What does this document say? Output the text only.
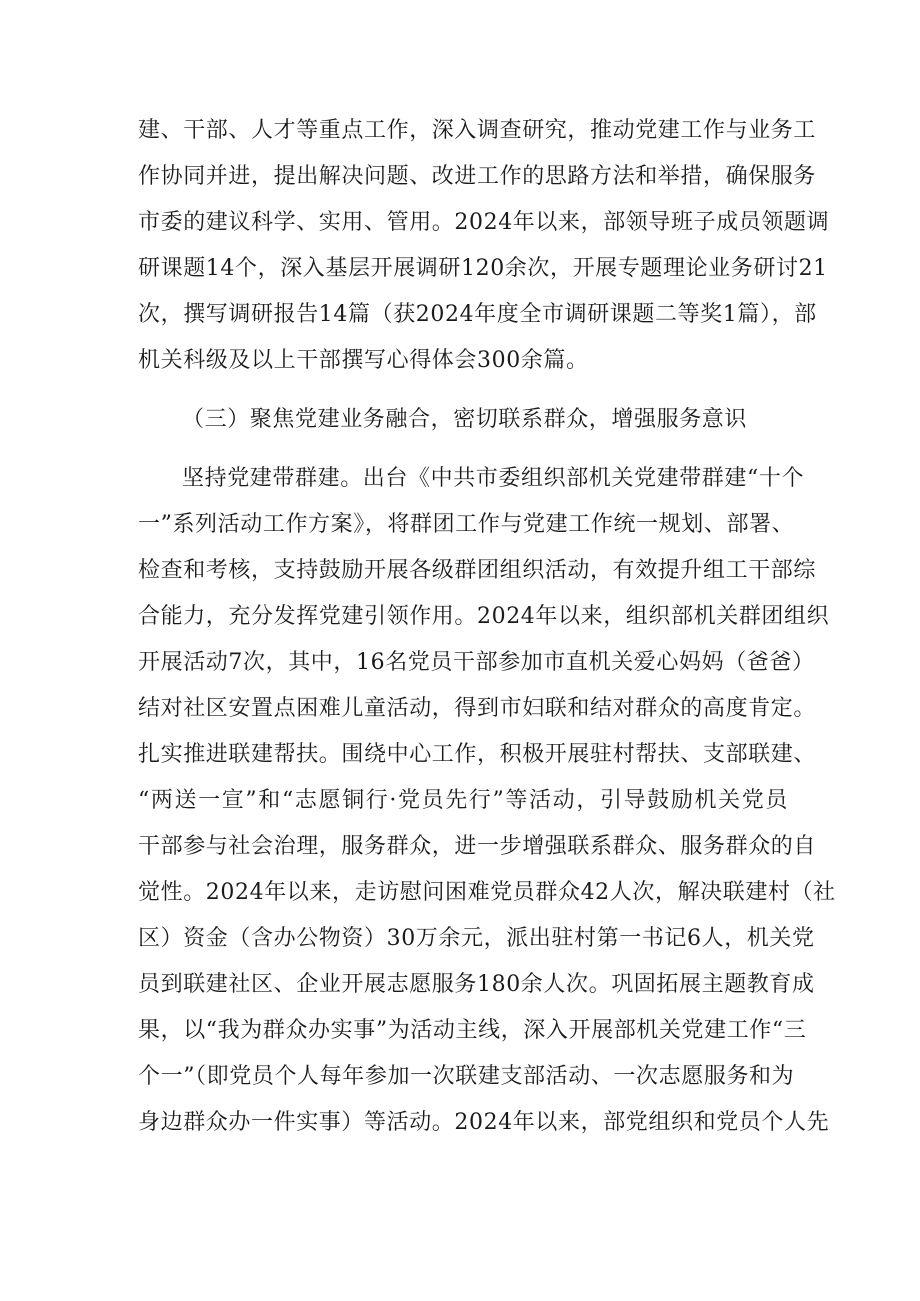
建、干部、人才等重点工作，深入调查研究，推动党建工作与业务工
作协同并进，提出解决问题、改进工作的思路方法和举措，确保服务
市委的建议科学、实用、管用。2024年以来，部领导班子成员领题调
研课题14个，深入基层开展调研120余次，开展专题理论业务研讨21
次，撰写调研报告14篇（获2024年度全市调研课题二等奖1篇），部
机关科级及以上干部撰写心得体会300余篇。
（三）聚焦党建业务融合，密切联系群众，增强服务意识
坚持党建带群建。出台《中共市委组织部机关党建带群建“十个
一”系列活动工作方案》，将群团工作与党建工作统一规划、部署、
检查和考核，支持鼓励开展各级群团组织活动，有效提升组工干部综
合能力，充分发挥党建引领作用。2024年以来，组织部机关群团组织
开展活动7次，其中，16名党员干部参加市直机关爱心妈妈（爸爸）
结对社区安置点困难儿童活动，得到市妇联和结对群众的高度肯定。
扎实推进联建帮扶。围绕中心工作，积极开展驻村帮扶、支部联建、
“两送一宣”和“志愿铜行·党员先行”等活动，引导鼓励机关党员
干部参与社会治理，服务群众，进一步增强联系群众、服务群众的自
觉性。2024年以来，走访慰问困难党员群众42人次，解决联建村（社
区）资金（含办公物资）30万余元，派出驻村第一书记6人，机关党
员到联建社区、企业开展志愿服务180余人次。巩固拓展主题教育成
果，以“我为群众办实事”为活动主线，深入开展部机关党建工作“三
个一”（即党员个人每年参加一次联建支部活动、一次志愿服务和为
身边群众办一件实事）等活动。2024年以来，部党组织和党员个人先
